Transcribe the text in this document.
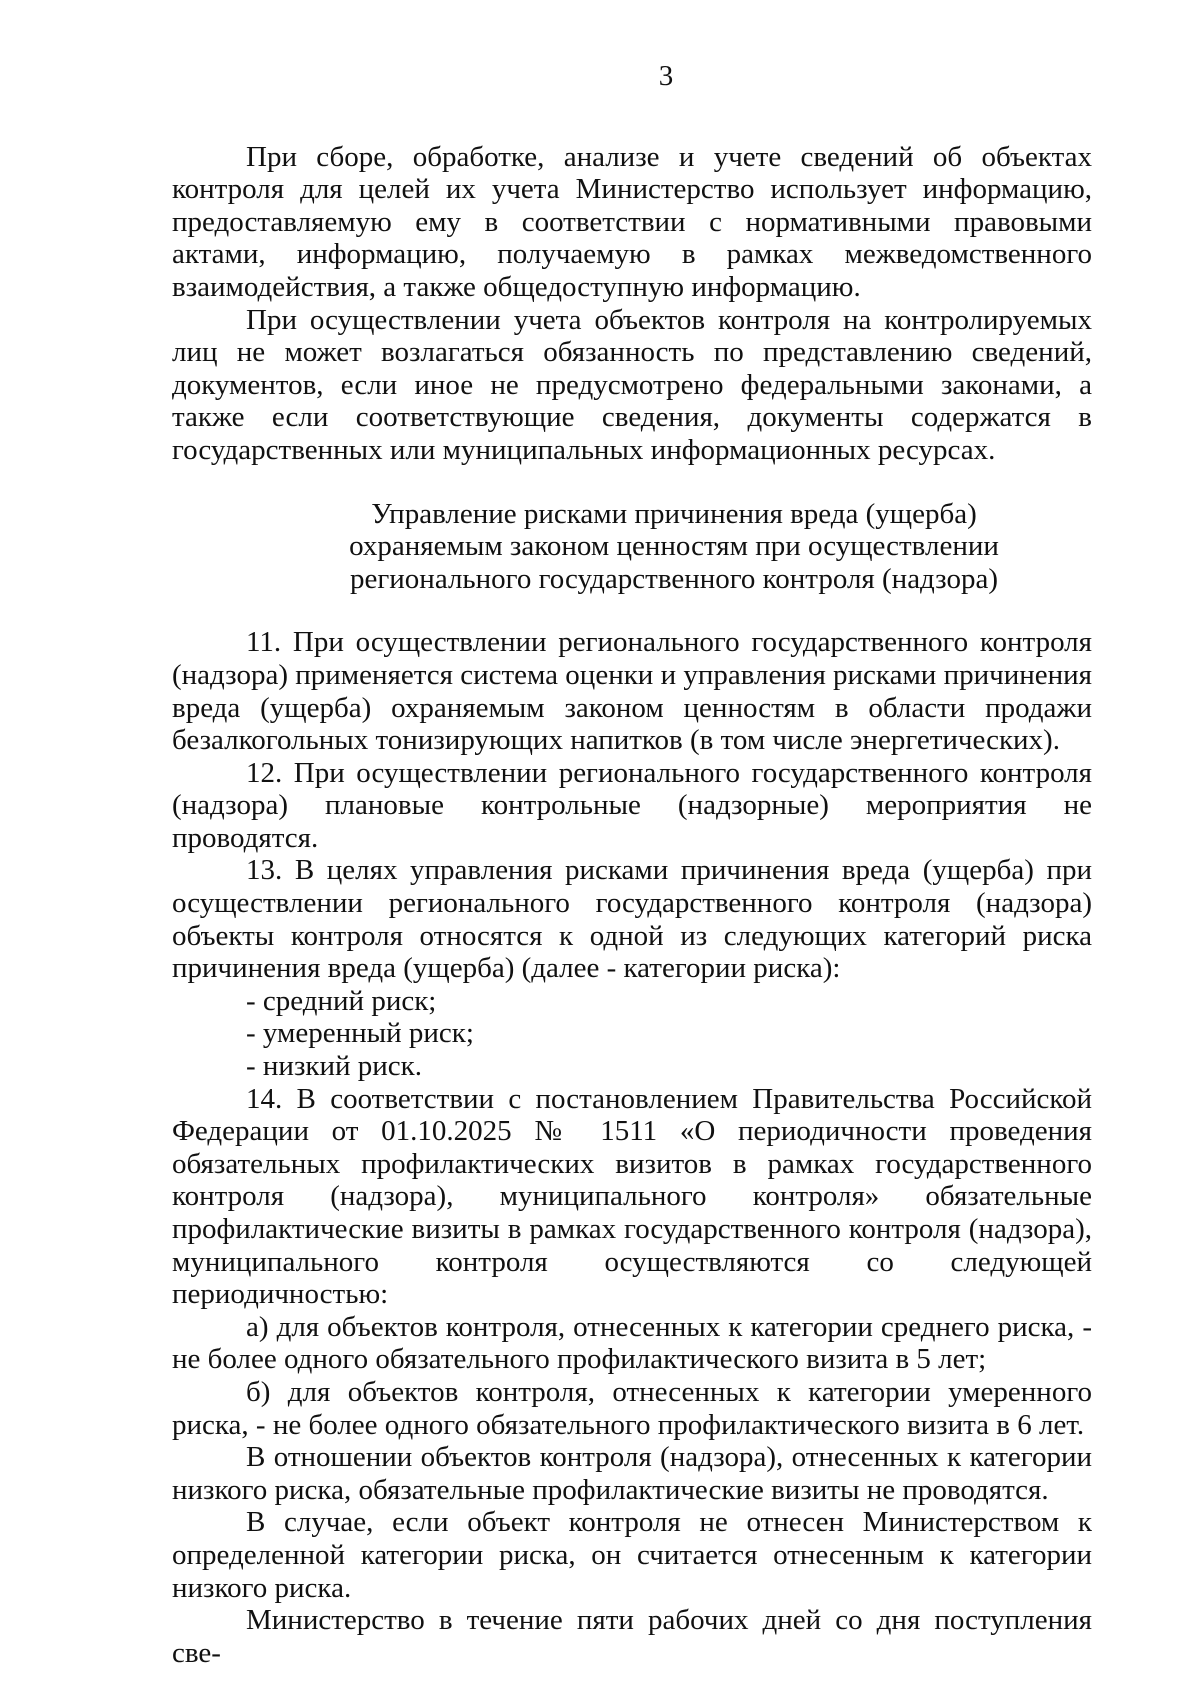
3

При сборе, обработке, анализе и учете сведений об объектах контроля для целей их учета Министерство использует информацию, предоставляемую ему в соответствии с нормативными правовыми актами, информацию, получаемую в рамках межведомственного взаимодействия, а также общедоступную информацию.

При осуществлении учета объектов контроля на контролируемых лиц не может возлагаться обязанность по представлению сведений, документов, если иное не предусмотрено федеральными законами, а также если соответствующие сведения, документы содержатся в государственных или муниципальных информационных ресурсах.

Управление рисками причинения вреда (ущерба)
охраняемым законом ценностям при осуществлении
регионального государственного контроля (надзора)

11. При осуществлении регионального государственного контроля (надзора) применяется система оценки и управления рисками причинения вреда (ущерба) охраняемым законом ценностям в области продажи безалкогольных тонизирующих напитков (в том числе энергетических).

12. При осуществлении регионального государственного контроля (надзора) плановые контрольные (надзорные) мероприятия не проводятся.

13. В целях управления рисками причинения вреда (ущерба) при осуществлении регионального государственного контроля (надзора) объекты контроля относятся к одной из следующих категорий риска причинения вреда (ущерба) (далее - категории риска):

- средний риск;

- умеренный риск;

- низкий риск.

14. В соответствии с постановлением Правительства Российской Федерации от 01.10.2025 № 1511 «О периодичности проведения обязательных профилактических визитов в рамках государственного контроля (надзора), муниципального контроля» обязательные профилактические визиты в рамках государственного контроля (надзора), муниципального контроля осуществляются со следующей периодичностью:

а) для объектов контроля, отнесенных к категории среднего риска, - не более одного обязательного профилактического визита в 5 лет;

б) для объектов контроля, отнесенных к категории умеренного риска, - не более одного обязательного профилактического визита в 6 лет.

В отношении объектов контроля (надзора), отнесенных к категории низкого риска, обязательные профилактические визиты не проводятся.

В случае, если объект контроля не отнесен Министерством к определенной категории риска, он считается отнесенным к категории низкого риска.

Министерство в течение пяти рабочих дней со дня поступления све-
